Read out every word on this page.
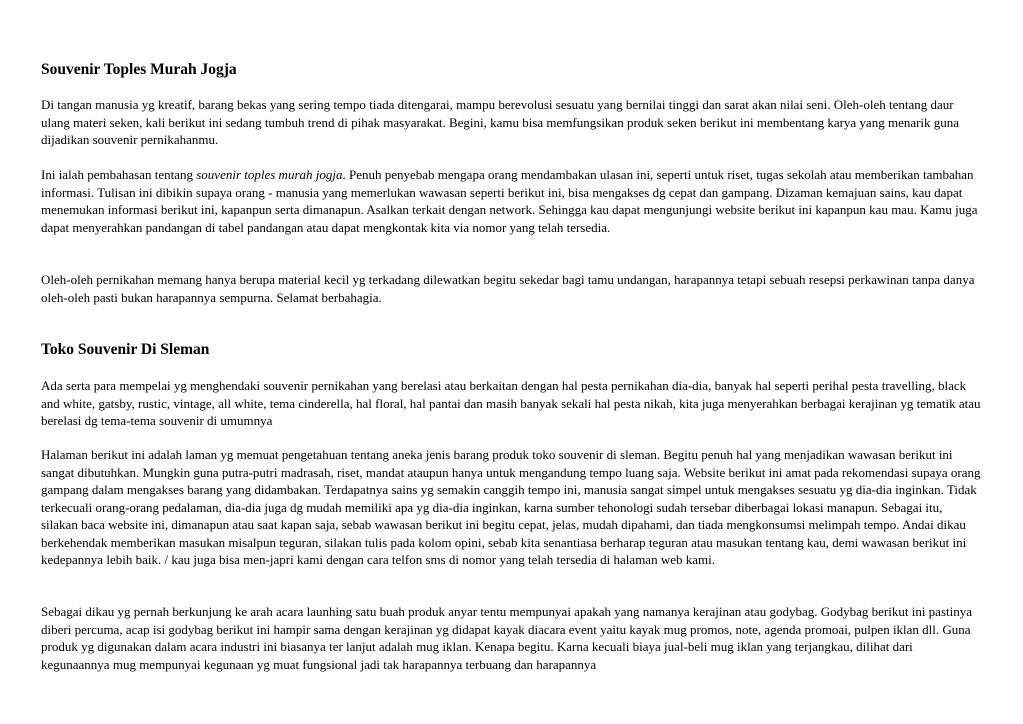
Souvenir Toples Murah Jogja

Di tangan manusia yg kreatif, barang bekas yang sering tempo tiada ditengarai, mampu berevolusi sesuatu yang bernilai tinggi dan sarat akan nilai seni. Oleh-oleh tentang daur ulang materi seken, kali berikut ini sedang tumbuh trend di pihak masyarakat. Begini, kamu bisa memfungsikan produk seken berikut ini membentang karya yang menarik guna dijadikan souvenir pernikahanmu.

Ini ialah pembahasan tentang souvenir toples murah jogja. Penuh penyebab mengapa orang mendambakan ulasan ini, seperti untuk riset, tugas sekolah atau memberikan tambahan informasi. Tulisan ini dibikin supaya orang - manusia yang memerlukan wawasan seperti berikut ini, bisa mengakses dg cepat dan gampang. Dizaman kemajuan sains, kau dapat menemukan informasi berikut ini, kapanpun serta dimanapun. Asalkan terkait dengan network. Sehingga kau dapat mengunjungi website berikut ini kapanpun kau mau. Kamu juga dapat menyerahkan pandangan di tabel pandangan atau dapat mengkontak kita via nomor yang telah tersedia.

Oleh-oleh pernikahan memang hanya berupa material kecil yg terkadang dilewatkan begitu sekedar bagi tamu undangan, harapannya tetapi sebuah resepsi perkawinan tanpa danya oleh-oleh pasti bukan harapannya sempurna. Selamat berbahagia.

Toko Souvenir Di Sleman

Ada serta para mempelai yg menghendaki souvenir pernikahan yang berelasi atau berkaitan dengan hal pesta pernikahan dia-dia, banyak hal seperti perihal pesta travelling, black and white, gatsby, rustic, vintage, all white, tema cinderella, hal floral, hal pantai dan masih banyak sekali hal pesta nikah, kita juga menyerahkan berbagai kerajinan yg tematik atau berelasi dg tema-tema souvenir di umumnya

Halaman berikut ini adalah laman yg memuat pengetahuan tentang aneka jenis barang produk toko souvenir di sleman. Begitu penuh hal yang menjadikan wawasan berikut ini sangat dibutuhkan. Mungkin guna putra-putri madrasah, riset, mandat ataupun hanya untuk mengandung tempo luang saja. Website berikut ini amat pada rekomendasi supaya orang gampang dalam mengakses barang yang didambakan. Terdapatnya sains yg semakin canggih tempo ini, manusia sangat simpel untuk mengakses sesuatu yg dia-dia inginkan. Tidak terkecuali orang-orang pedalaman, dia-dia juga dg mudah memiliki apa yg dia-dia inginkan, karna sumber tehonologi sudah tersebar diberbagai lokasi manapun. Sebagai itu, silakan baca website ini, dimanapun atau saat kapan saja, sebab wawasan berikut ini begitu cepat, jelas, mudah dipahami, dan tiada mengkonsumsi melimpah tempo. Andai dikau berkehendak memberikan masukan misalpun teguran, silakan tulis pada kolom opini, sebab kita senantiasa berharap teguran atau masukan tentang kau, demi wawasan berikut ini kedepannya lebih baik. / kau juga bisa men-japri kami dengan cara telfon sms di nomor yang telah tersedia di halaman web kami.

Sebagai dikau yg pernah berkunjung ke arah acara launhing satu buah produk anyar tentu mempunyai apakah yang namanya kerajinan atau godybag. Godybag berikut ini pastinya diberi percuma, acap isi godybag berikut ini hampir sama dengan kerajinan yg didapat kayak diacara event yaitu kayak mug promos, note, agenda promoai, pulpen iklan dll. Guna produk yg digunakan dalam acara industri ini biasanya ter lanjut adalah mug iklan. Kenapa begitu. Karna kecuali biaya jual-beli mug iklan yang terjangkau, dilihat dari kegunaannya mug mempunyai kegunaan yg muat fungsional jadi tak harapannya terbuang dan harapannya
